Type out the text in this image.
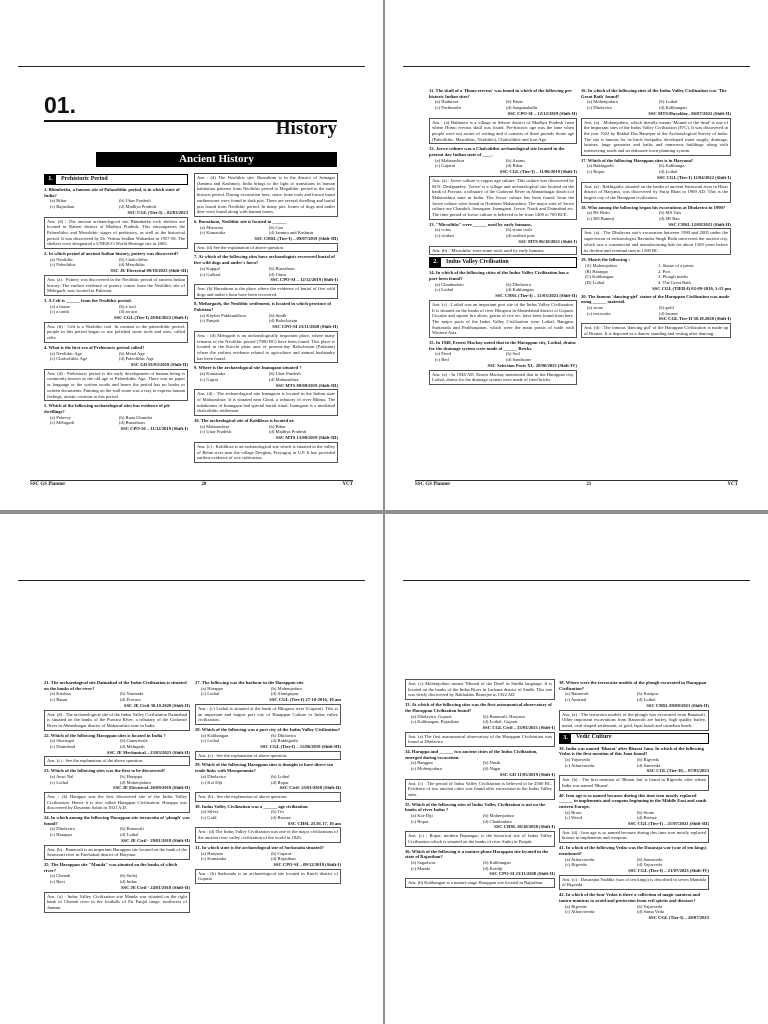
01.
History
Ancient History
1.	Prehistoric Period
1. Bhimbetka, a famous site of Palaeolithic period, is in which state of India?
(a) Bihar	(b) Uttar Pradesh
(c) Rajasthan	(d) Madhya Pradesh
SSC CGL (Tier-I) – 02/03/2023
Ans. (d) : The ancient archaeological site Bhimbetka rock shelters are located in Raisen district of Madhya Pradesh. This encompasses the Palaeolithic and Mesolithic stages of prehistory, as well as the historical period. It was discovered by Dr. Vishnu Sridhar Wakankar in 1957-58. The shelters were designated a UNESCO World Heritage site in 2003.
2. In which period of ancient Indian history, pottery was discovered?
(a) Neolithic	(b) Chalcolithic
(c) Paleolithic	(d) Mesolithic
SSC JE Electrical 09/10/2023 (Shift-III)
Ans. (a) : Pottery was discovered in the Neolithic period of ancient Indian history. The earliest evidence of pottery comes from the Neolithic site of Mehrgarh, now located in Pakistan.
3. A Celt is ______ from the Neolithic period.
(a) a house	(b) a tool
(c) a tomb	(d) an urn
SSC CGL (Tier-I) 20/04/2022 (Shift-I)
Ans. (b) : Celt is a Neolithic tool. In contrast to the palaeolithic period, people in this period began to use polished stone tools and axes, called celts.
4. What is the first era of Prehistoric period called?
(a) Neolithic Age	(b) Metal Age
(c) Chalcolithic Age	(d) Paleolithic Age
SSC GD 01/03/2019 (Shift-II)
Ans. (d) : Prehistoric period is the early development of human being is commonly known as the old age or Palaeolithic Age. There was no paper or language or the written words and hence the period has no books or written documents. Painting on the wall stone was a way to express human feelings, artistic creation in this period.
5. Which of the following archaeological sites has evidence of pit-dwellings?
(a) Palavoy	(b) Rana Ghundai
(c) Mehrgarh	(d) Burzahom
SSC CPO-SI – 11/12/2019 (Shift-I)
Ans : (d) The Neolithic site, Burzahom is in the district of Srinagar (Jammu and Kashmir), India brings to the light to transitions in human habitation patterns from Neolithic period to Megalithic period to the early historic period. During excavation here, stone, bone tools and brown burnt earthenware were found in dark pits. There are several dwelling and burial pits found from Neolithic period. In many pits, bones of dogs and antler deer were found along with human bones.
6. Burzahom, Neolithic site is located in ______
(a) Mizoram	(b) Goa
(c) Karnataka	(d) Jammu and Kashmir
SSC CHSL (Tier-I) – 09/07/2019 (Shift-III)
Ans. (d) See the explanation of above question.
7. At which of the following sites have archaeologists recovered burial of five wild dogs and antler's horn?
(a) Kupgal	(b) Burzahom
(c) Gufkral	(d) Utnur
SSC CPO-SI – 12/12/2019 (Shift-I)
Ans. (b) Burzahom is the place where the evidence of burial of five wild dogs and antler's horn have been recovered.
8. Mehargarh, the Neolithic settlement, is located in which province of Pakistan?
(a) Khyber Pakhtunkhwa	(b) Sindh
(c) Punjab	(d) Balochistan
SSC CPO-SI 23/11/2020 (Shift-II)
Ans. : (d) Mehrgarh is an archaeologically important place, where many remains of the Neolithic period (7000 BC) have been found. This place is located in the Kacchi plain area of present-day Balochistan (Pakistan) where the earliest evidence related to agriculture and animal husbandry has been found.
9. Where is the archaeological site Inamgaon situated ?
(a) Karnataka	(b) Uttar Pradesh
(c) Gujrat	(d) Maharashtra
SSC MTS 09/08/2019 (Shift-III)
Ans. (d) : The archaeological site Inamgaon is located in the Indian state of Maharashtra. It is situated near Ghod, a tributary of river Bhima. The inhabitants of Inamgaon had special burial ritual. Inamgaon is a mutilated chalcolithic settlement.
10. The archeological site of Koldihwa is located at:
(a) Maharashtra	(b) Bihar
(c) Uttar Pradesh	(d) Madhya Pradesh
SSC MTS 13/08/2019 (Shift-III)
Ans. (c) : Koldihwa is an archaeological site which is situated in the valley of Belan river near the village Devghat, Prayagraj in U.P. It has provided earliest evidence of rice cultivation.
SSC GS Planner	20	YCT
11. The skull of a 'Homo erectus' was found in which of the following pre-historic Indian sites?
(a) Hathnora	(b) Patne
(c) Pachmarhi	(d) Sanganakallu
SSC CPO-SI – 12/12/2019 (Shift-II)
Ans : (a) Hathnora is a village in Sehore district of Madhya Pradesh from where Homo erectus skull was found. Pre-historic age was the time when people were not aware of writing and it consists of three periods Stone age (Paleolithic, Mesolithic, Neolithic), Chalcolithic and Iron Age.
12. Jorwe culture was a Chalcolithic archaeological site located in the present day Indian state of ____.
(a) Maharashtra	(b) Assam
(c) Gujarat	(d) Bihar
SSC CGL (Tier-I) – 11/06/2019 (Shift-I)
Ans. (a) : Jorwe culture is copper age culture. This culture was discovered by M.N. Deshpandey. 'Jorwe' is a village and archaeological site located on the bank of Pravara, a tributary of the Godavari River in Ahmadnagar district of Maharashtra state in India. The Jorwe culture has been found, from the Jorwe culture were found in Northern Maharashtra. The major sites of Jorwe culture are Chandoli, Sonagaon, Inamgaon, Jorwe, Nasik and Daimabad etc. The time period of Jorwe culture is believed to be from 1400 to 700 BCE.
13. "Microliths" were ______ used by early humans.
(a) coins	(b) stone tools
(c) clothes	(d) earthen pots
SSC MTS 06/10/2021 (Shift-I)
Ans. (b) : 'Microliths' were stone tools used by early humans.
2.	Indus Valley Civilisation
14. In which of the following cities of the Indus Valley Civilization has a port been found?
(a) Chanhudaro	(b) Dholavira
(c) Lothal	(d) Kalibangan
SSC CHSL (Tier-I) – 21/03/2023 (Shift-II)
Ans. (c) : Lothal was an important port site of the Indus Valley Civilization. It is situated on the banks of river Bhogava in Ahmedabad district of Gujarat. Circular and square fire altars, grains of rice etc. have been found from here. The major ports of the Indus Valley Civilization were Lothal, Rangpur, Surkotada and Prabhaspatan, which were the main points of trade with Western Asia.
15. In 1948, Ernest Mackay noted that in the Harappan city, Lothal, drains for the drainage system were made of ______ Bricks.
(a) Fired	(b) Soil
(c) Red	(d) Sandstone
SSC Selection Posts XI– 28/06/2023 (Shift-IV)
Ans. (a) : In 1948 AD, Ernest Mackay mentioned that in the Harappan city, Lothal, drains for the drainage system were made of fired bricks.
16. In which of the following sites of the Indus Valley Civilization was 'The Great Bath' found?
(a) Mohenjodaro	(b) Lothal
(c) Dholavira	(d) Kalibangan
SSC MTS/Havaldar– 06/07/2022 (Shift-II)
Ans. (a) : Mohenjodaro, which literally means 'Mound of the dead' is one of the important sites of the Indus Valley Civilization (IVC). It was discovered in the year 1922 by Rakhal Das Banerjee of the Archaeological Survey of India. The site is famous for its brick footpaths, developed water supply, drainage, latrines, huge granaries and baths and numerous buildings along with intersecting roads and an elaborate town planning system.
17. Which of the following Harappan sites is in Haryana?
(a) Rakhigarhi	(b) Kalibanga
(c) Ropar	(d) Lothal
SSC CGL (Tier-I) 12/04/2022 (Shift-I)
Ans. (a) : Rakhigarhi, situated on the banks of ancient Saraswati river in Hisar district of Haryana, was discovered by Suraj Bhan in 1969 AD. This is the largest city of the Harappan civilization.
18. Who among the following began his excavations at Dholavira in 1990?
(a) RS Bisht	(b) MS Vats
(c) RD Banerji	(d) SR Rao
SSC CHSL 12/08/2021 (Shift-II)
Ans. (a) : The Dholavira site's excavation between 1990 and 2005 under the supervision of archaeologist Ravindra Singh Bisht uncovered the ancient city, which saw a commercial and manufacturing hub for about 1500 years before its decline and eventual ruin in 1500 BC.
19. Match the following :
(A) Mohenjodaro	1. Statue of a priest
(B) Harappa	2. Port
(C) Kalibangan	3. Plough marks
(D) Lothal	4. The Great Bath
SSC CGL (TIER-I) 02-09-2016, 1:15 pm
20. The famous 'dancing-girl' statue of the Harappan Civilization was made using ______ material.
(a) stone	(b) gold
(c) terracotta	(d) bronze
SSC CGL Tier-II 30.10.2020 (Shift-I)
Ans. (d) : The famous 'dancing girl' of the Harappan Civilization is made up of Bronze. It is depicted as a dancer standing and resting after dancing.
SSC GS Planner	21	YCT
21. The archaeological site Daimabad of the Indus Civilization is situated on the banks of the river?
(a) Krishna	(b) Narmada
(c) Banas	(d) Pravara
SSC JE Civil 30.10.2020 (Shift-II)
Ans. (d) : The archaeological site of the Indus Valley Civilization Daimabad is situated on the banks of the Pravara River, a tributary of the Godavari River in Ahmednagar district of Maharashtra state in India.
22. Which of the following Harappan sites is located in India ?
(a) Shortugai	(b) Ganeriwala
(c) Daimabad	(d) Mehrgarh
SSC JE Mechanical – 23/03/2021 (Shift-II)
Ans. (c) : See the explanation of the above question.
23. Which of the following sites was the first to be discovered?
(a) Amri Nal	(b) Harappa
(c) Lothal	(d) Mohenjodaro
SSC JE Electrical–26/09/2019 (Shift-II)
Ans. : (b) Harappa was the first discovered site of the Indus Valley Civilization. Hence it is also called Harappan Civilization. Harappa was discovered by Dayaram Sahni in 1921 A.D.
24. In which among the following Harappan site terracotta of 'plough' was found?
(a) Dholavira	(b) Banawali
(c) Harappa	(d) Lothal
SSC JE Civil - 29/01/2018 (Shift-II)
Ans. (b) : Banawali is an important Harappan site located on the bank of the Saraswati river in Fatehabad district of Haryana.
25. The Harappan site "Manda" was situated on the banks of which river?
(a) Chenab	(b) Sutlej
(c) Ravi	(d) Indus
SSC JE Civil - 24/01/2018 (Shift-II)
Ans. (a) : Indus Valley Civilization site Manda was situated on the right bank of Chenab river in the foothills of Pir Panjal range, northwest of Jammu.
27. The following was the harbour in the Harappan site.
(a) Harappa	(b) Mohenjodaro
(c) Lothal	(d) Alamgirpur
SSC CGL (Tier-I) 27-10-2016, 10 am
Ans : (c) Lothal is situated at the bank of Bhogava river (Gujarat). This is an important and largest port city of Harappan Culture or Indus valley civilization.
28. Which of the following was a port city of the Indus Valley Civilization?
(a) Kalibangan	(b) Dholavira
(c) Lothal	(d) Rakhigarhi
SSC CGL (Tier-I) – 11/06/2019 (Shift-III)
Ans. (c) : See the explanation of above question.
29. Which of the following Harappan sites is thought to have direct sea trade links with Mesopotamia?
(a) Dholavira	(b) Lothal
(c) Kot Diji	(d) Ropar
SSC Civil- 25/01/2018 (Shift-II)
Ans. (b) : See the explanation of above question.
30. Indus Valley Civilization was a ______ age civilization.
(a) Silver	(b) Tin
(c) Gold	(d) Bronze
SSC CHSL 25.01.17, 10 am
Ans : (d) The Indus Valley Civilization was one of the major civilizations of the ancient river valley civilization of the world in 1826.
31. In which state is the archaeological site of Surkotada situated?
(a) Haryana	(b) Gujarat
(c) Karnataka	(d) Rajasthan
SSC CPO-SI – 09/12/2019 (Shift-I)
Ans : (b) Surkotada is an archaeological site located in Kutch district of Gujarat.
Ans. (c) Mohenjodaro means 'Mound of the Dead' in Sindhi language. It is located on the banks of the Indus River in Larkana district of Sindh. This site was firstly discovered by Rakhaldas Banerjee in 1922 AD.
33. At which of the following sites was the first astronomical observatory of the Harappan Civilization found?
(a) Dholavira, Gujarat	(b) Banawali, Haryana
(c) Kalibangan, Rajasthan	(d) Lothal, Gujarat
SSC CGL Civil – 23/03/2021 (Shift-I)
Ans. (a) The first astronomical observatory of the Harappan Civilization was found at Dholavira.
34. Harappa and ______ two ancient cities of the Indus Civilization, emerged during excavation.
(a) Rangpur	(b) Nasik
(c) Mohenjodaro	(d) Nagar
SSC GD 11/03/2019 (Shift-I)
Ans. (c) : The period of Indus Valley Civilization is believed to be 2500 BC. Evidence of two ancient cities was found after excavation in the Indus Valley sites.
35. Which of the following sites of Indus Valley Civilization is not on the banks of river Indus ?
(a) Kot-Diji	(b) Mohenjodaro
(c) Ropar	(d) Chanhudaro
SSC CHSL 20/10/2020 (Shift-I)
Ans. (c) : Ropar, modern Rupnagar, is the historical site of Indus Valley Civilization which is situated on the banks of river Sutlej in Punjab.
36. Which of the following is a mature phase Harappan site located in the state of Rajasthan?
(a) Sagadwar	(b) Kalibangan
(c) Manda	(d) Kotdiji
SSC CPO-SI 23/11/2020 (Shift-II)
Ans. (b) Kalibangan is a mature stage Harappan site located in Rajasthan.
38. Where were the terracotta models of the plough excavated in Harappan Civilization?
(a) Banawali	(b) Kazipur
(c) Amirnal	(d) Lothal
SSC CHSL 09/08/2021 (Shift-II)
Ans. (a) : The terracotta models of the plough was excavated from Banawali. Other important excavations from Banawali are barley, high quality barley, metal, oval shaped settlement, of gold, lapis lazuli and carnelian beads.
3.	Vedic Culture
39. India was named 'Bharat' after Bharat Jana. In which of the following Vedas is the first mention of this Jana found?
(a) Yajurveda	(b) Rigveda
(c) Atharvaveda	(d) Samveda
SSC CGL (Tier-II) – 07/03/2023
Ans. (b) : The first mention of 'Bharat Jan' is found in Rigveda, after whom India was named 'Bharat'.
40. Iron age is so named because during this time iron mostly replaced ______ in implements and weapons beginning in the Middle East and south eastern Europe.
(a) Brass	(b) Stone
(c) Wood	(d) Bronze
SSC CGL (Tier-I) – 21/07/2023 (Shift-III)
Ans. (d) : Iron age is so named because during this time iron mostly replaced bronze in implements and weapons.
41. In which of the following Vedas was the Dasaraja war (war of ten kings) mentioned?
(a) Atharvaveda	(b) Samaveda
(c) Rigveda	(d) Yajurveda
SSC CGL (Tier-I) – 21/07/2023 (Shift-IV)
Ans. (c) : Dasarajna Yuddha (war of ten kings) is described in seven Mandala of Rigveda.
42. In which of the four Vedas is there a collection of magic mantras and tantra-mantras to avoid and protection from evil spirits and diseases?
(a) Rigveda	(b) Yajurveda
(c) Atharvaveda	(d) Sama Veda
SSC CGL (Tier-I) – 20/07/2023
